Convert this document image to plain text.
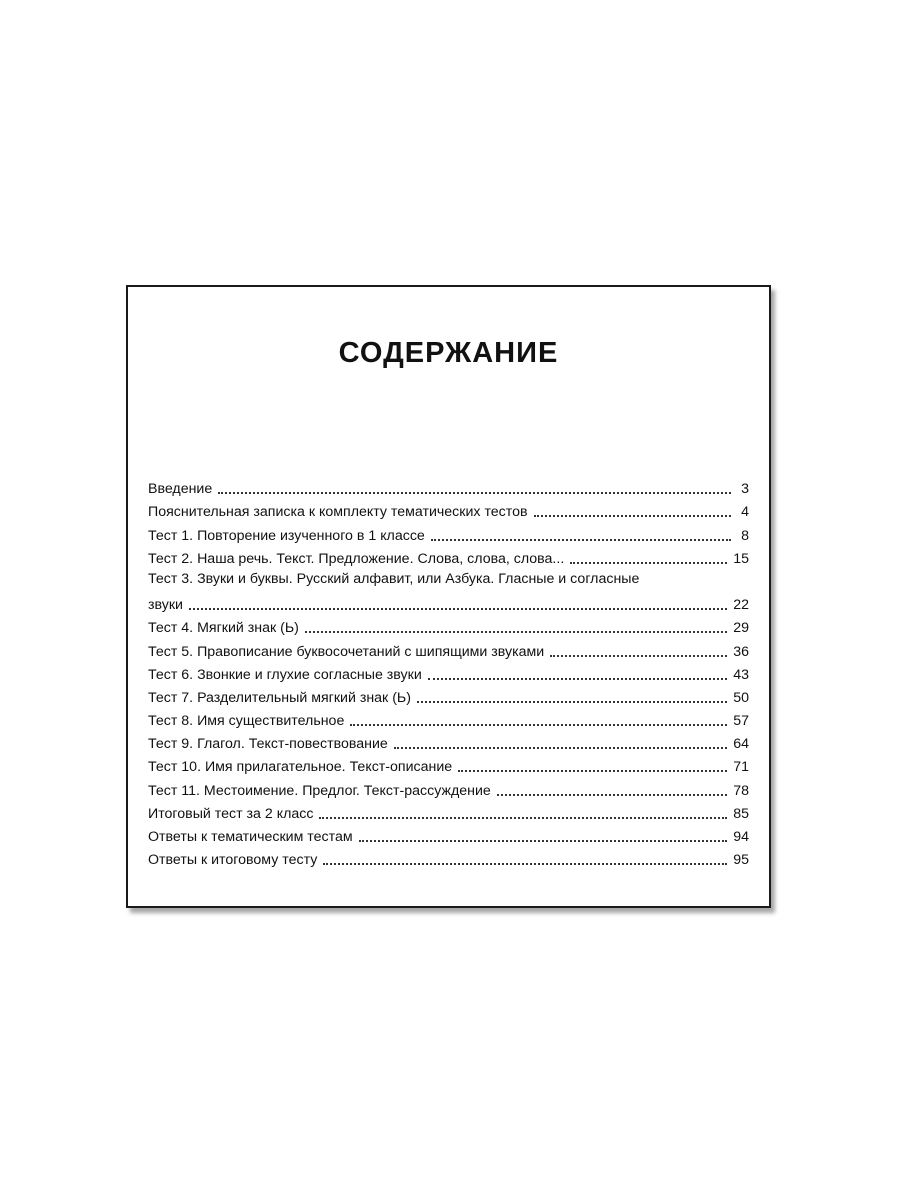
СОДЕРЖАНИЕ
Введение	3
Пояснительная записка к комплекту тематических тестов	4
Тест 1. Повторение изученного в 1 классе	8
Тест 2. Наша речь. Текст. Предложение. Слова, слова, слова...	15
Тест 3. Звуки и буквы. Русский алфавит, или Азбука. Гласные и согласные
звуки	22
Тест 4. Мягкий знак (Ь)	29
Тест 5. Правописание буквосочетаний с шипящими звуками	36
Тест 6. Звонкие и глухие согласные звуки	43
Тест 7. Разделительный мягкий знак (Ь)	50
Тест 8. Имя существительное	57
Тест 9. Глагол. Текст-повествование	64
Тест 10. Имя прилагательное. Текст-описание	71
Тест 11. Местоимение. Предлог. Текст-рассуждение	78
Итоговый тест за 2 класс	85
Ответы к тематическим тестам	94
Ответы к итоговому тесту	95
